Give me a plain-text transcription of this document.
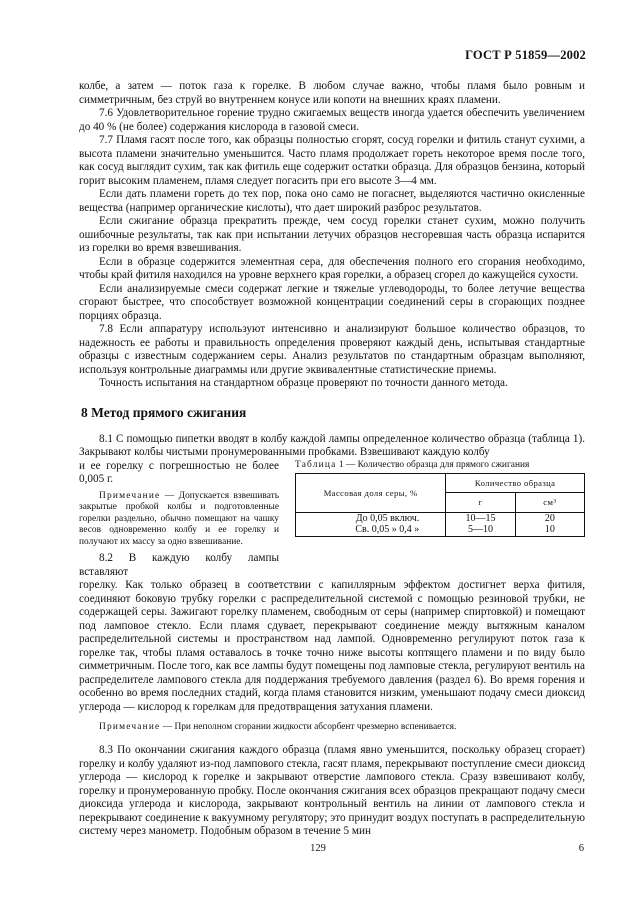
ГОСТ Р 51859—2002

колбе, а затем — поток газа к горелке. В любом случае важно, чтобы пламя было ровным и симметричным, без струй во внутреннем конусе или копоти на внешних краях пламени.

7.6 Удовлетворительное горение трудно сжигаемых веществ иногда удается обеспечить увеличением до 40 % (не более) содержания кислорода в газовой смеси.

7.7 Пламя гасят после того, как образцы полностью сгорят, сосуд горелки и фитиль станут сухими, а высота пламени значительно уменьшится. Часто пламя продолжает гореть некоторое время после того, как сосуд выглядит сухим, так как фитиль еще содержит остатки образца. Для образцов бензина, который горит высоким пламенем, пламя следует погасить при его высоте 3—4 мм.

Если дать пламени гореть до тех пор, пока оно само не погаснет, выделяются частично окисленные вещества (например органические кислоты), что дает широкий разброс результатов.

Если сжигание образца прекратить прежде, чем сосуд горелки станет сухим, можно получить ошибочные результаты, так как при испытании летучих образцов несгоревшая часть образца испарится из горелки во время взвешивания.

Если в образце содержится элементная сера, для обеспечения полного его сгорания необходимо, чтобы край фитиля находился на уровне верхнего края горелки, а образец сгорел до кажущейся сухости.

Если анализируемые смеси содержат легкие и тяжелые углеводороды, то более летучие вещества сгорают быстрее, что способствует возможной концентрации соединений серы в сгорающих позднее порциях образца.

7.8 Если аппаратуру используют интенсивно и анализируют большое количество образцов, то надежность ее работы и правильность определения проверяют каждый день, испытывая стандартные образцы с известным содержанием серы. Анализ результатов по стандартным образцам выполняют, используя контрольные диаграммы или другие эквивалентные статистические приемы.

Точность испытания на стандартном образце проверяют по точности данного метода.

8 Метод прямого сжигания

8.1 С помощью пипетки вводят в колбу каждой лампы определенное количество образца (таблица 1). Закрывают колбы чистыми пронумерованными пробками. Взвешивают каждую колбу

и ее горелку с погрешностью не более 0,005 г.

Примечание — Допускается взвешивать закрытые пробкой колбы и подготовленные горелки раздельно, обычно помещают на чашку весов одновременно колбу и ее горелку и получают их массу за одно взвешивание.

8.2 В каждую колбу лампы вставляют

Таблица 1 — Количество образца для прямого сжигания
Массовая доля серы, %	Количество образца	
	г	см³
До 0,05 включ.	10—15	20
Св. 0,05 » 0,4 »	5—10	10

горелку. Как только образец в соответствии с капиллярным эффектом достигнет верха фитиля, соединяют боковую трубку горелки с распределительной системой с помощью резиновой трубки, не содержащей серы. Зажигают горелку пламенем, свободным от серы (например спиртовкой) и помещают под ламповое стекло. Если пламя сдувает, перекрывают соединение между вытяжным каналом распределительной системы и пространством над лампой. Одновременно регулируют поток газа к горелке так, чтобы пламя оставалось в точке точно ниже высоты коптящего пламени и по виду было симметричным. После того, как все лампы будут помещены под ламповые стекла, регулируют вентиль на распределителе лампового стекла для поддержания требуемого давления (раздел 6). Во время горения и особенно во время последних стадий, когда пламя становится низким, уменьшают подачу смеси диоксид углерода — кислород к горелкам для предотвращения затухания пламени.

Примечание — При неполном сгорании жидкости абсорбент чрезмерно вспенивается.

8.3 По окончании сжигания каждого образца (пламя явно уменьшится, поскольку образец сгорает) горелку и колбу удаляют из-под лампового стекла, гасят пламя, перекрывают поступление смеси диоксид углерода — кислород к горелке и закрывают отверстие лампового стекла. Сразу взвешивают колбу, горелку и пронумерованную пробку. После окончания сжигания всех образцов прекращают подачу смеси диоксида углерода и кислорода, закрывают контрольный вентиль на линии от лампового стекла и перекрывают соединение к вакуумному регулятору; это принудит воздух поступать в распределительную систему через манометр. Подобным образом в течение 5 мин

129	6
